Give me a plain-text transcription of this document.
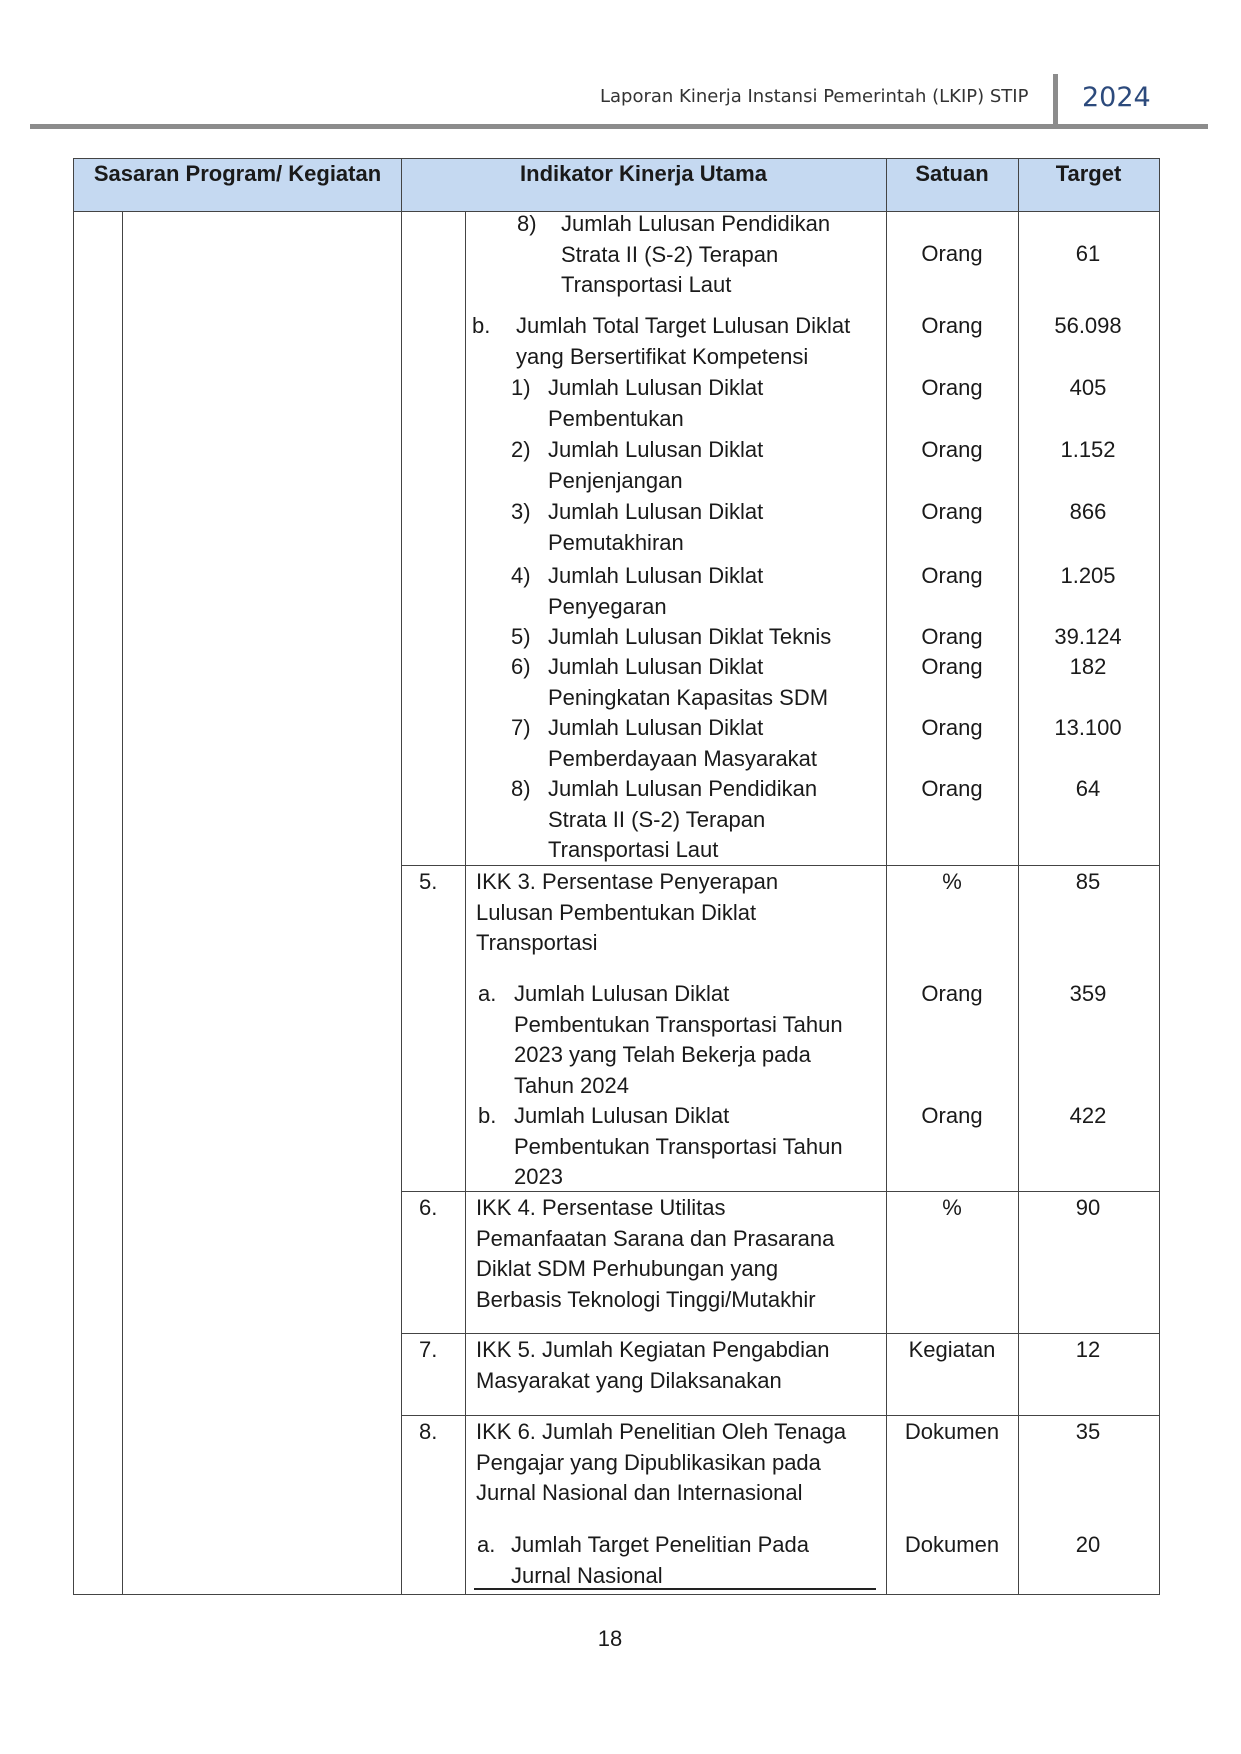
Laporan Kinerja Instansi Pemerintah (LKIP) STIP 2024
Sasaran Program/ Kegiatan	Indikator Kinerja Utama	Satuan	Target
8) Jumlah Lulusan Pendidikan
Strata II (S-2) Terapan
Transportasi Laut
Orang	61
b. Jumlah Total Target Lulusan Diklat
yang Bersertifikat Kompetensi
Orang	56.098
1) Jumlah Lulusan Diklat
Pembentukan
Orang	405
2) Jumlah Lulusan Diklat
Penjenjangan
Orang	1.152
3) Jumlah Lulusan Diklat
Pemutakhiran
Orang	866
4) Jumlah Lulusan Diklat
Penyegaran
Orang	1.205
5) Jumlah Lulusan Diklat Teknis	Orang	39.124
6) Jumlah Lulusan Diklat
Peningkatan Kapasitas SDM
Orang	182
7) Jumlah Lulusan Diklat
Pemberdayaan Masyarakat
Orang	13.100
8) Jumlah Lulusan Pendidikan
Strata II (S-2) Terapan
Transportasi Laut
Orang	64
5. IKK 3. Persentase Penyerapan
Lulusan Pembentukan Diklat
Transportasi
%	85
a. Jumlah Lulusan Diklat
Pembentukan Transportasi Tahun
2023 yang Telah Bekerja pada
Tahun 2024
Orang	359
b. Jumlah Lulusan Diklat
Pembentukan Transportasi Tahun
2023
Orang	422
6. IKK 4. Persentase Utilitas
Pemanfaatan Sarana dan Prasarana
Diklat SDM Perhubungan yang
Berbasis Teknologi Tinggi/Mutakhir
%	90
7. IKK 5. Jumlah Kegiatan Pengabdian
Masyarakat yang Dilaksanakan
Kegiatan	12
8. IKK 6. Jumlah Penelitian Oleh Tenaga
Pengajar yang Dipublikasikan pada
Jurnal Nasional dan Internasional
Dokumen	35
a. Jumlah Target Penelitian Pada
Jurnal Nasional
Dokumen	20
18
